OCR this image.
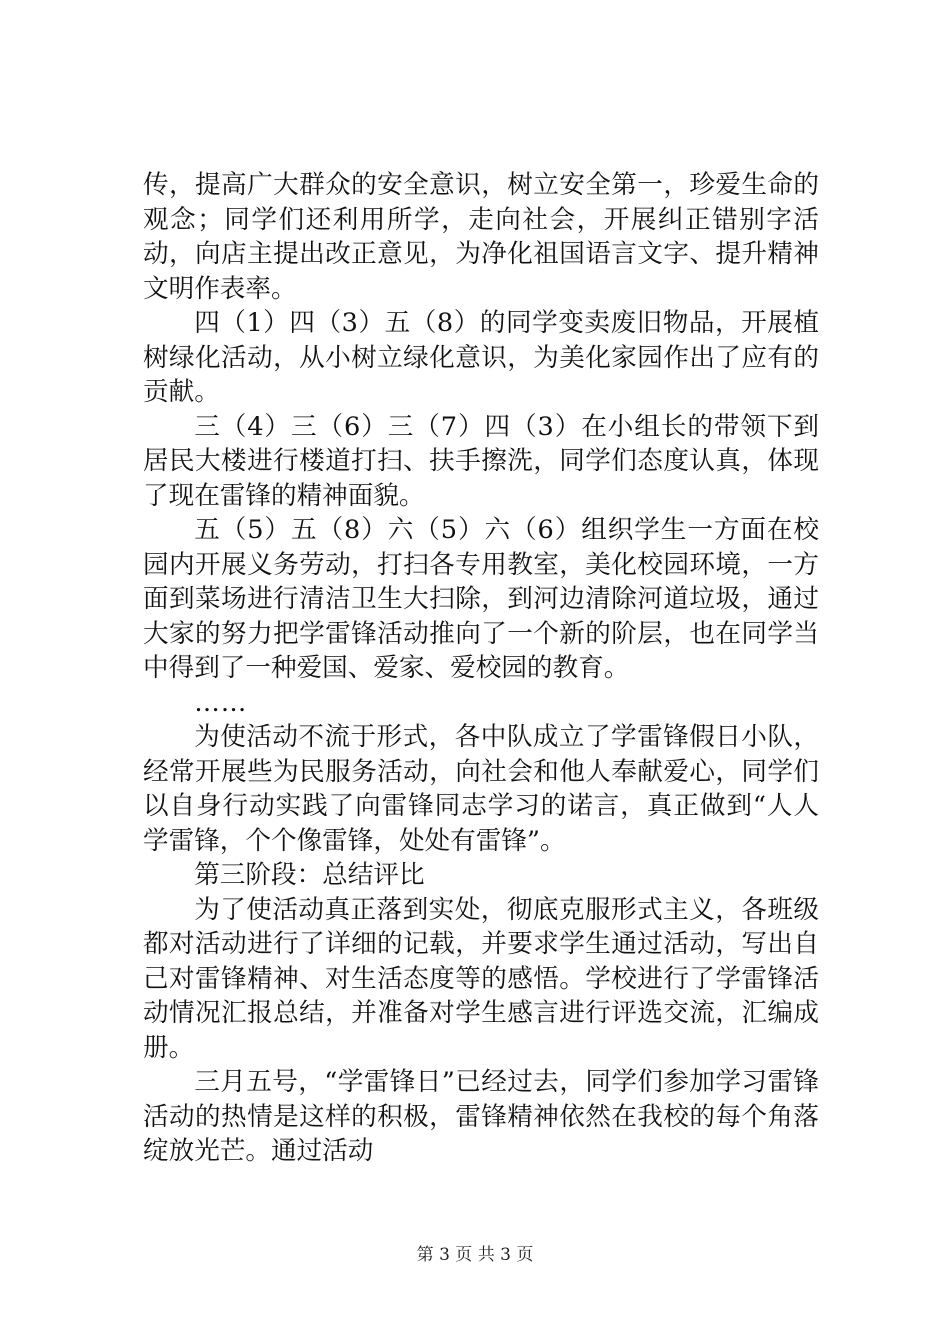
传，提高广大群众的安全意识，树立安全第一，珍爱生命的观念；同学们还利用所学，走向社会，开展纠正错别字活动，向店主提出改正意见，为净化祖国语言文字、提升精神文明作表率。

四（1）四（3）五（8）的同学变卖废旧物品，开展植树绿化活动，从小树立绿化意识，为美化家园作出了应有的贡献。

三（4）三（6）三（7）四（3）在小组长的带领下到居民大楼进行楼道打扫、扶手擦洗，同学们态度认真，体现了现在雷锋的精神面貌。

五（5）五（8）六（5）六（6）组织学生一方面在校园内开展义务劳动，打扫各专用教室，美化校园环境，一方面到菜场进行清洁卫生大扫除，到河边清除河道垃圾，通过大家的努力把学雷锋活动推向了一个新的阶层，也在同学当中得到了一种爱国、爱家、爱校园的教育。

……

为使活动不流于形式，各中队成立了学雷锋假日小队，经常开展些为民服务活动，向社会和他人奉献爱心，同学们以自身行动实践了向雷锋同志学习的诺言，真正做到“人人学雷锋，个个像雷锋，处处有雷锋”。

第三阶段：总结评比

为了使活动真正落到实处，彻底克服形式主义，各班级都对活动进行了详细的记载，并要求学生通过活动，写出自己对雷锋精神、对生活态度等的感悟。学校进行了学雷锋活动情况汇报总结，并准备对学生感言进行评选交流，汇编成册。

三月五号，“学雷锋日”已经过去，同学们参加学习雷锋活动的热情是这样的积极，雷锋精神依然在我校的每个角落绽放光芒。通过活动

第 3 页 共 3 页
